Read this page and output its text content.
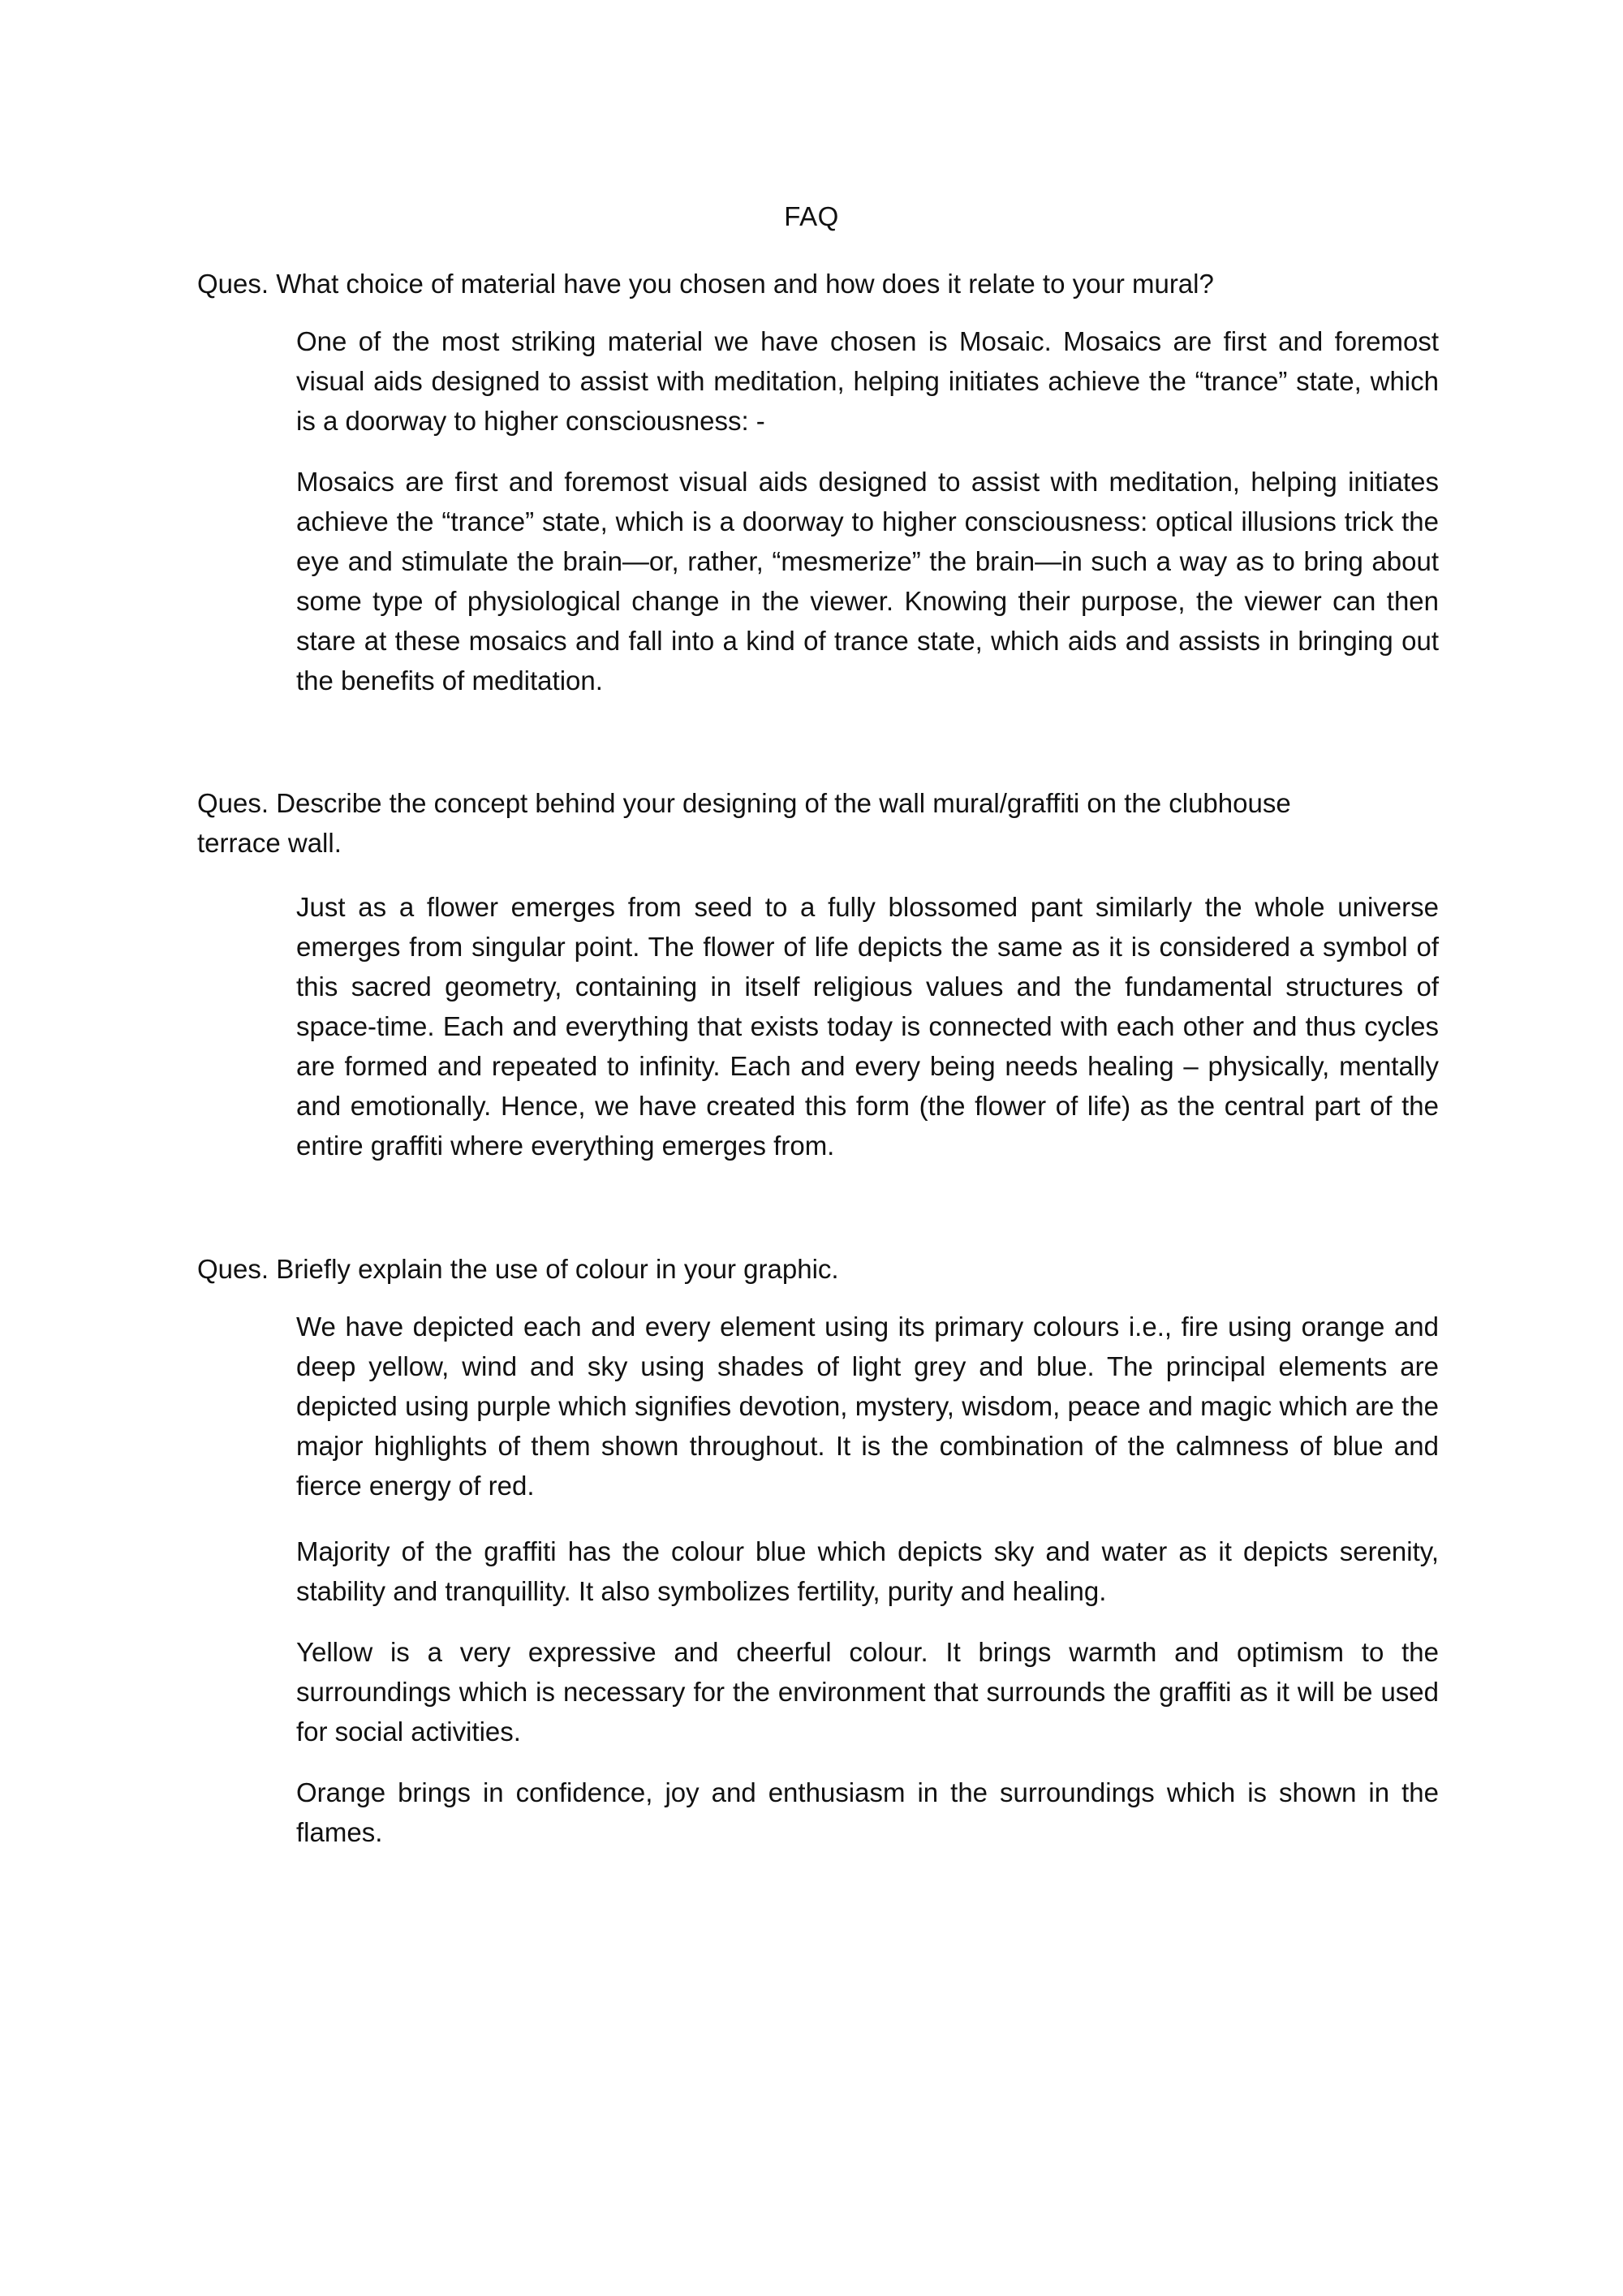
FAQ

Ques. What choice of material have you chosen and how does it relate to your mural?

One of the most striking material we have chosen is Mosaic. Mosaics are first and foremost visual aids designed to assist with meditation, helping initiates achieve the “trance” state, which is a doorway to higher consciousness: -

Mosaics are first and foremost visual aids designed to assist with meditation, helping initiates achieve the “trance” state, which is a doorway to higher consciousness: optical illusions trick the eye and stimulate the brain—or, rather, “mesmerize” the brain—in such a way as to bring about some type of physiological change in the viewer. Knowing their purpose, the viewer can then stare at these mosaics and fall into a kind of trance state, which aids and assists in bringing out the benefits of meditation.

Ques. Describe the concept behind your designing of the wall mural/graffiti on the clubhouse terrace wall.

Just as a flower emerges from seed to a fully blossomed pant similarly the whole universe emerges from singular point. The flower of life depicts the same as it is considered a symbol of this sacred geometry, containing in itself religious values and the fundamental structures of space-time. Each and everything that exists today is connected with each other and thus cycles are formed and repeated to infinity. Each and every being needs healing – physically, mentally and emotionally. Hence, we have created this form (the flower of life) as the central part of the entire graffiti where everything emerges from.

Ques. Briefly explain the use of colour in your graphic.

We have depicted each and every element using its primary colours i.e., fire using orange and deep yellow, wind and sky using shades of light grey and blue. The principal elements are depicted using purple which signifies devotion, mystery, wisdom, peace and magic which are the major highlights of them shown throughout. It is the combination of the calmness of blue and fierce energy of red.

Majority of the graffiti has the colour blue which depicts sky and water as it depicts serenity, stability and tranquillity. It also symbolizes fertility, purity and healing.

Yellow is a very expressive and cheerful colour. It brings warmth and optimism to the surroundings which is necessary for the environment that surrounds the graffiti as it will be used for social activities.

Orange brings in confidence, joy and enthusiasm in the surroundings which is shown in the flames.
